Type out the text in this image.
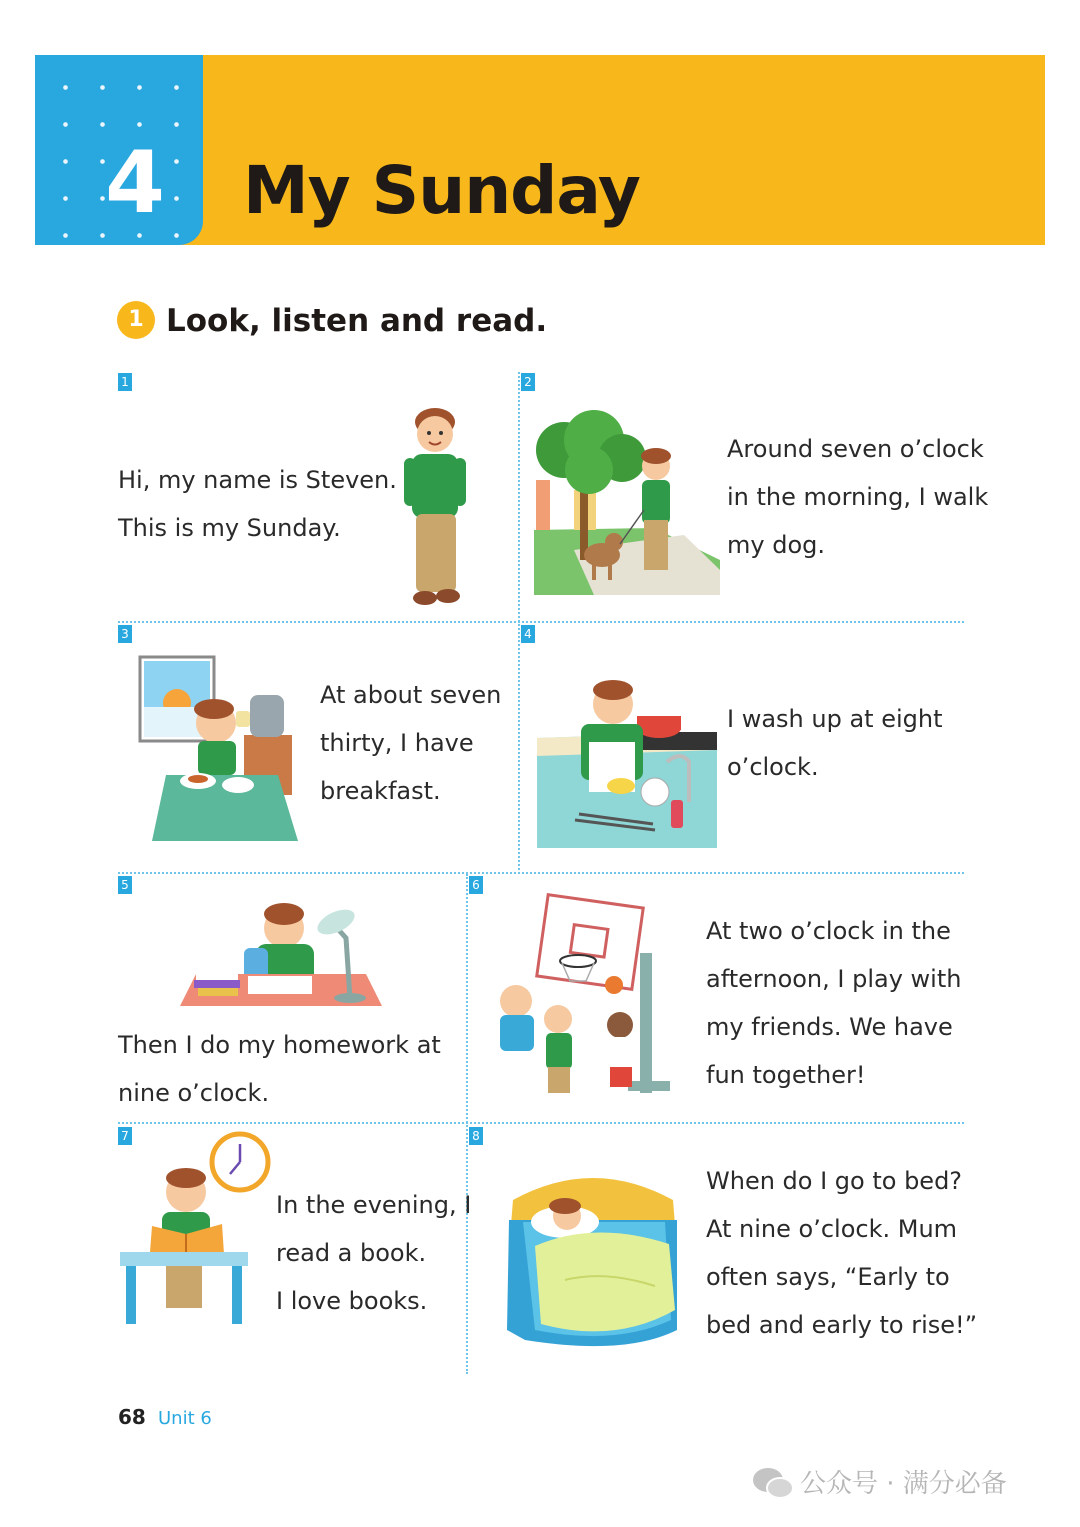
4	My Sunday
1 Look, listen and read.
1	2
3	4
5	6
7	8
Hi, my name is Steven.
This is my Sunday.
Around seven o’clock
in the morning, I walk
my dog.
At about seven
thirty, I have
breakfast.
I wash up at eight
o’clock.
Then I do my homework at
nine o’clock.
At two o’clock in the
afternoon, I play with
my friends. We have
fun together!
In the evening, I
read a book.
I love books.
When do I go to bed?
At nine o’clock. Mum
often says, “Early to
bed and early to rise!”
68 Unit 6
公众号 · 满分必备
